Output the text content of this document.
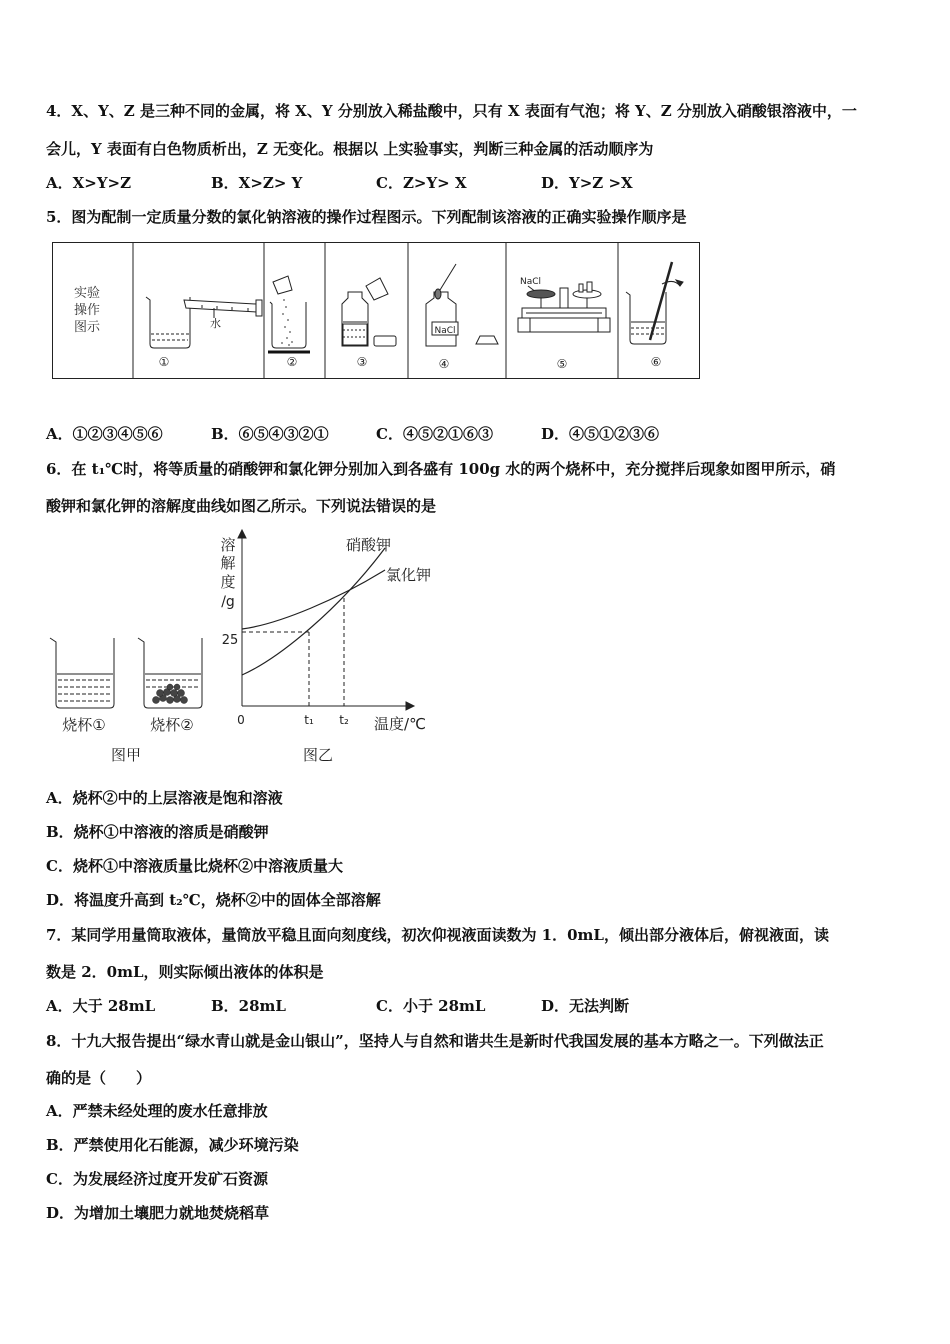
4．X、Y、Z 是三种不同的金属，将 X、Y 分别放入稀盐酸中，只有 X 表面有气泡；将 Y、Z 分别放入硝酸银溶液中，一
会儿，Y 表面有白色物质析出，Z 无变化。根据以 上实验事实，判断三种金属的活动顺序为
A．X>Y>Z	B．X>Z> Y	C．Z>Y> X	D．Y>Z >X
5．图为配制一定质量分数的氯化钠溶液的操作过程图示。下列配制该溶液的正确实验操作顺序是
实验
操作
图示	水
①	②	③
NaCl
④
NaCl
⑤	⑥
A．①②③④⑤⑥	B．⑥⑤④③②①	C．④⑤②①⑥③	D．④⑤①②③⑥
6．在 t₁℃时，将等质量的硝酸钾和氯化钾分别加入到各盛有 100g 水的两个烧杯中，充分搅拌后现象如图甲所示，硝
酸钾和氯化钾的溶解度曲线如图乙所示。下列说法错误的是
烧杯①	烧杯②
图甲
溶
解
度
/g
25
0	t₁ t₂ 温度/℃
硝酸钾
氯化钾
图乙
A．烧杯②中的上层溶液是饱和溶液
B．烧杯①中溶液的溶质是硝酸钾
C．烧杯①中溶液质量比烧杯②中溶液质量大
D．将温度升高到 t₂℃，烧杯②中的固体全部溶解
7．某同学用量筒取液体，量筒放平稳且面向刻度线，初次仰视液面读数为 1．0mL，倾出部分液体后，俯视液面，读
数是 2．0mL，则实际倾出液体的体积是
A．大于 28mL	B．28mL	C．小于 28mL	D．无法判断
8．十九大报告提出“绿水青山就是金山银山”，坚持人与自然和谐共生是新时代我国发展的基本方略之一。下列做法正
确的是（　　）
A．严禁未经处理的废水任意排放
B．严禁使用化石能源，减少环境污染
C．为发展经济过度开发矿石资源
D．为增加土壤肥力就地焚烧稻草
